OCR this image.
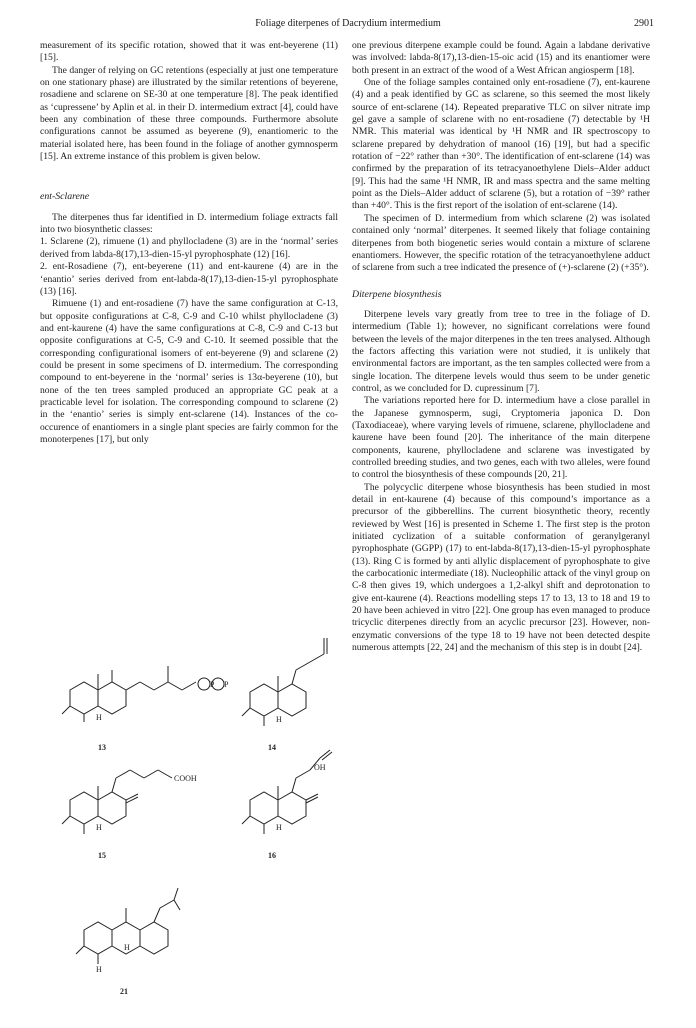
Foliage diterpenes of Dacrydium intermedium	2901

measurement of its specific rotation, showed that it was ent-beyerene (11) [15].

The danger of relying on GC retentions (especially at just one temperature on one stationary phase) are illustrated by the similar retentions of beyerene, rosadiene and sclarene on SE-30 at one temperature [8]. The peak identified as ‘cupressene’ by Aplin et al. in their D. intermedium extract [4], could have been any combination of these three compounds. Furthermore absolute configurations cannot be assumed as beyerene (9), enantiomeric to the material isolated here, has been found in the foliage of another gymnosperm [15]. An extreme instance of this problem is given below.

ent-Sclarene

The diterpenes thus far identified in D. intermedium foliage extracts fall into two biosynthetic classes:

1. Sclarene (2), rimuene (1) and phyllocladene (3) are in the ‘normal’ series derived from labda-8(17),13-dien-15-yl pyrophosphate (12) [16].

2. ent-Rosadiene (7), ent-beyerene (11) and ent-kaurene (4) are in the ‘enantio’ series derived from ent-labda-8(17),13-dien-15-yl pyrophosphate (13) [16].

Rimuene (1) and ent-rosadiene (7) have the same configuration at C-13, but opposite configurations at C-8, C-9 and C-10 whilst phyllocladene (3) and ent-kaurene (4) have the same configurations at C-8, C-9 and C-13 but opposite configurations at C-5, C-9 and C-10. It seemed possible that the corresponding configurational isomers of ent-beyerene (9) and sclarene (2) could be present in some specimens of D. intermedium. The corresponding compound to ent-beyerene in the ‘normal’ series is 13α-beyerene (10), but none of the ten trees sampled produced an appropriate GC peak at a practicable level for isolation. The corresponding compound to sclarene (2) in the ‘enantio’ series is simply ent-sclarene (14). Instances of the co-occurence of enantiomers in a single plant species are fairly common for the monoterpenes [17], but only

P P
H	H
COOH
H
OH
H
H
H
13	14
15	16
21

one previous diterpene example could be found. Again a labdane derivative was involved: labda-8(17),13-dien-15-oic acid (15) and its enantiomer were both present in an extract of the wood of a West African angiosperm [18].

One of the foliage samples contained only ent-rosadiene (7), ent-kaurene (4) and a peak identified by GC as sclarene, so this seemed the most likely source of ent-sclarene (14). Repeated preparative TLC on silver nitrate imp gel gave a sample of sclarene with no ent-rosadiene (7) detectable by ¹H NMR. This material was identical by ¹H NMR and IR spectroscopy to sclarene prepared by dehydration of manool (16) [19], but had a specific rotation of −22° rather than +30°. The identification of ent-sclarene (14) was confirmed by the preparation of its tetracyanoethylene Diels–Alder adduct [9]. This had the same ¹H NMR, IR and mass spectra and the same melting point as the Diels–Alder adduct of sclarene (5), but a rotation of −39° rather than +40°. This is the first report of the isolation of ent-sclarene (14).

The specimen of D. intermedium from which sclarene (2) was isolated contained only ‘normal’ diterpenes. It seemed likely that foliage containing diterpenes from both biogenetic series would contain a mixture of sclarene enantiomers. However, the specific rotation of the tetracyanoethylene adduct of sclarene from such a tree indicated the presence of (+)-sclarene (2) (+35°).

Diterpene biosynthesis

Diterpene levels vary greatly from tree to tree in the foliage of D. intermedium (Table 1); however, no significant correlations were found between the levels of the major diterpenes in the ten trees analysed. Although the factors affecting this variation were not studied, it is unlikely that environmental factors are important, as the ten samples collected were from a single location. The diterpene levels would thus seem to be under genetic control, as we concluded for D. cupressinum [7].

The variations reported here for D. intermedium have a close parallel in the Japanese gymnosperm, sugi, Cryptomeria japonica D. Don (Taxodiaceae), where varying levels of rimuene, sclarene, phyllocladene and kaurene have been found [20]. The inheritance of the main diterpene components, kaurene, phyllocladene and sclarene was investigated by controlled breeding studies, and two genes, each with two alleles, were found to control the biosynthesis of these compounds [20, 21].

The polycyclic diterpene whose biosynthesis has been studied in most detail in ent-kaurene (4) because of this compound’s importance as a precursor of the gibberellins. The current biosynthetic theory, recently reviewed by West [16] is presented in Scheme 1. The first step is the proton initiated cyclization of a suitable conformation of geranylgeranyl pyrophosphate (GGPP) (17) to ent-labda-8(17),13-dien-15-yl pyrophosphate (13). Ring C is formed by anti allylic displacement of pyrophosphate to give the carbocationic intermediate (18). Nucleophilic attack of the vinyl group on C-8 then gives 19, which undergoes a 1,2-alkyl shift and deprotonation to give ent-kaurene (4). Reactions modelling steps 17 to 13, 13 to 18 and 19 to 20 have been achieved in vitro [22]. One group has even managed to produce tricyclic diterpenes directly from an acyclic precursor [23]. However, non-enzymatic conversions of the type 18 to 19 have not been detected despite numerous attempts [22, 24] and the mechanism of this step is in doubt [24].
